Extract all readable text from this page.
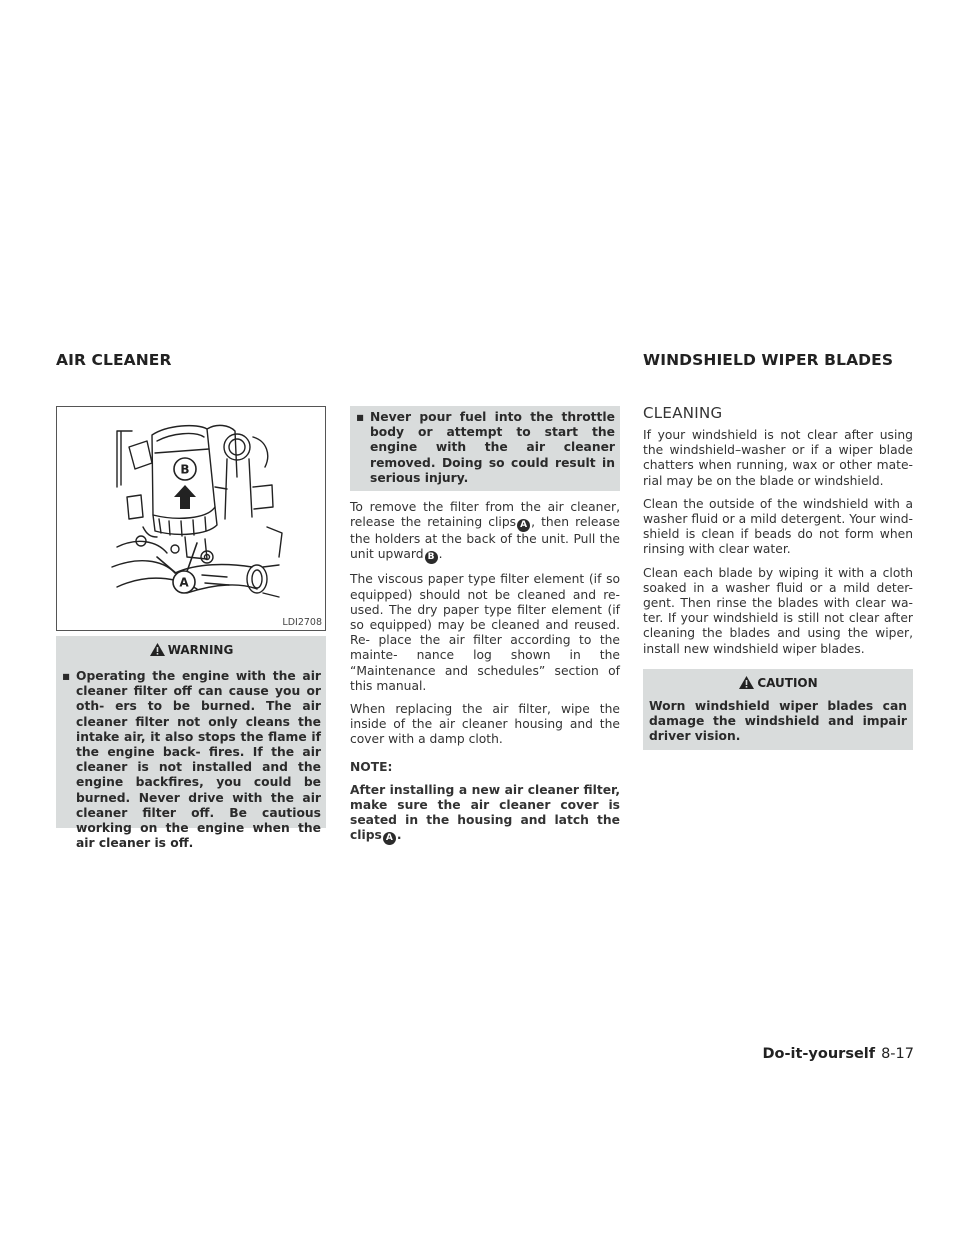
AIR CLEANER	WINDSHIELD WIPER BLADES
B
A
LDI2708
WARNING
▪ Operating the engine with the air cleaner filter off can cause you or oth- ers to be burned. The air cleaner filter not only cleans the intake air, it also stops the flame if the engine back- fires. If the air cleaner is not installed and the engine backfires, you could be burned. Never drive with the air cleaner filter off. Be cautious working on the engine when the air cleaner is off.
▪ Never pour fuel into the throttle body or attempt to start the engine with the air cleaner removed. Doing so could result in serious injury.

To remove the filter from the air cleaner, release the retaining clips A , then release the holders at the back of the unit. Pull the unit upward B .

The viscous paper type filter element (if so equipped) should not be cleaned and re- used. The dry paper type filter element (if so equipped) may be cleaned and reused. Re- place the air filter according to the mainte- nance log shown in the “Maintenance and schedules” section of this manual.

When replacing the air filter, wipe the inside of the air cleaner housing and the cover with a damp cloth.

NOTE:

After installing a new air cleaner filter, make sure the air cleaner cover is seated in the housing and latch the clips A .

CLEANING

If your windshield is not clear after using the windshield–washer or if a wiper blade chatters when running, wax or other mate- rial may be on the blade or windshield.

Clean the outside of the windshield with a washer fluid or a mild detergent. Your wind- shield is clean if beads do not form when rinsing with clear water.

Clean each blade by wiping it with a cloth soaked in a washer fluid or a mild deter- gent. Then rinse the blades with clear wa- ter. If your windshield is still not clear after cleaning the blades and using the wiper, install new windshield wiper blades.

CAUTION
Worn windshield wiper blades can damage the windshield and impair driver vision.
Do-it-yourself 8-17
